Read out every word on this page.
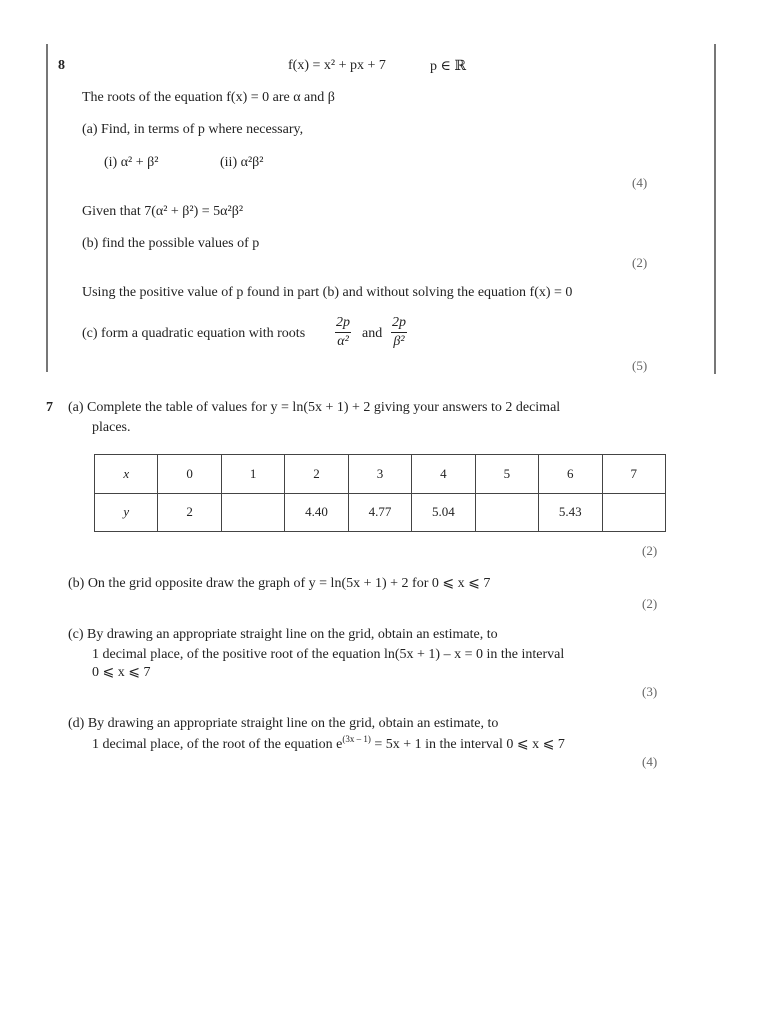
8	f(x) = x² + px + 7	p ∈ ℝ
The roots of the equation f(x) = 0 are α and β
(a) Find, in terms of p where necessary,
(i) α² + β²	(ii) α²β²
(4)
Given that 7(α² + β²) = 5α²β²
(b) find the possible values of p
(2)
Using the positive value of p found in part (b) and without solving the equation f(x) = 0
(c) form a quadratic equation with roots $\frac{2p}{\text{α²}}$ and $\frac{2p}{\text{β²}}$
(5)
7 (a) Complete the table of values for y = ln(5x + 1) + 2 giving your answers to 2 decimal
places.
x	0	1	2	3	4	5	6	7
y	2		4.40	4.77	5.04		5.43	
(2)
(b) On the grid opposite draw the graph of y = ln(5x + 1) + 2 for 0 ⩽ x ⩽ 7
(2)
(c) By drawing an appropriate straight line on the grid, obtain an estimate, to
1 decimal place, of the positive root of the equation ln(5x + 1) – x = 0 in the interval
0 ⩽ x ⩽ 7
(3)
(d) By drawing an appropriate straight line on the grid, obtain an estimate, to
1 decimal place, of the root of the equation $e^{(3x - 1)} = 5x + 1$ in the interval 0 ⩽ x ⩽ 7
(4)
